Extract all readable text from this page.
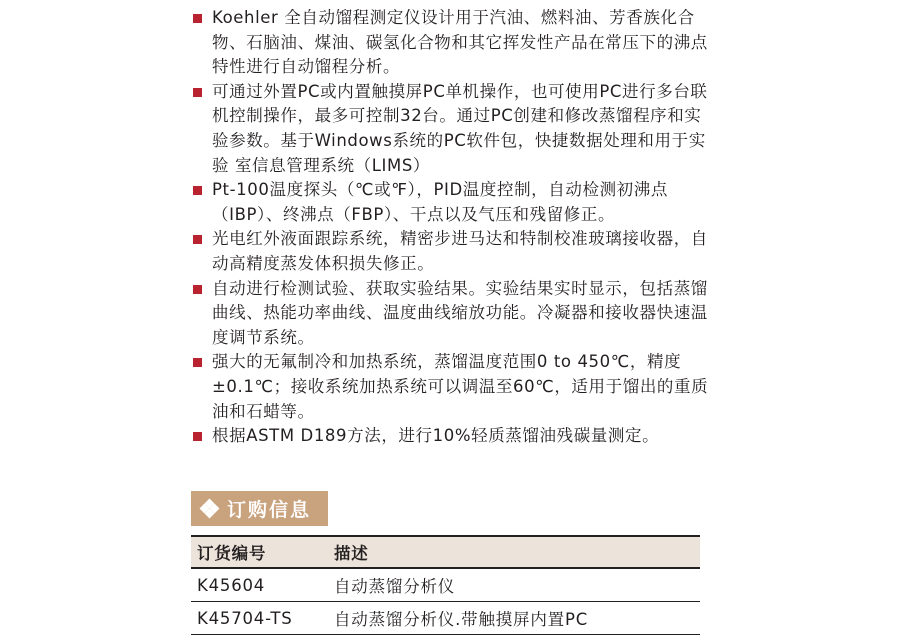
Koehler 全自动馏程测定仪设计用于汽油、燃料油、芳香族化合物、石脑油、煤油、碳氢化合物和其它挥发性产品在常压下的沸点特性进行自动馏程分析。
可通过外置PC或内置触摸屏PC单机操作，也可使用PC进行多台联机控制操作，最多可控制32台。通过PC创建和修改蒸馏程序和实验参数。基于Windows系统的PC软件包，快捷数据处理和用于实验 室信息管理系统（LIMS）
Pt-100温度探头（℃或℉），PID温度控制，自动检测初沸点（IBP）、终沸点（FBP）、干点以及气压和残留修正。
光电红外液面跟踪系统，精密步进马达和特制校准玻璃接收器，自动高精度蒸发体积损失修正。
自动进行检测试验、获取实验结果。实验结果实时显示，包括蒸馏曲线、热能功率曲线、温度曲线缩放功能。冷凝器和接收器快速温度调节系统。
强大的无氟制冷和加热系统，蒸馏温度范围0 to 450℃，精度±0.1℃；接收系统加热系统可以调温至60℃，适用于馏出的重质油和石蜡等。
根据ASTM D189方法，进行10%轻质蒸馏油残碳量测定。
订购信息
订货编号	描述
K45604	自动蒸馏分析仪
K45704-TS	自动蒸馏分析仪.带触摸屏内置PC
